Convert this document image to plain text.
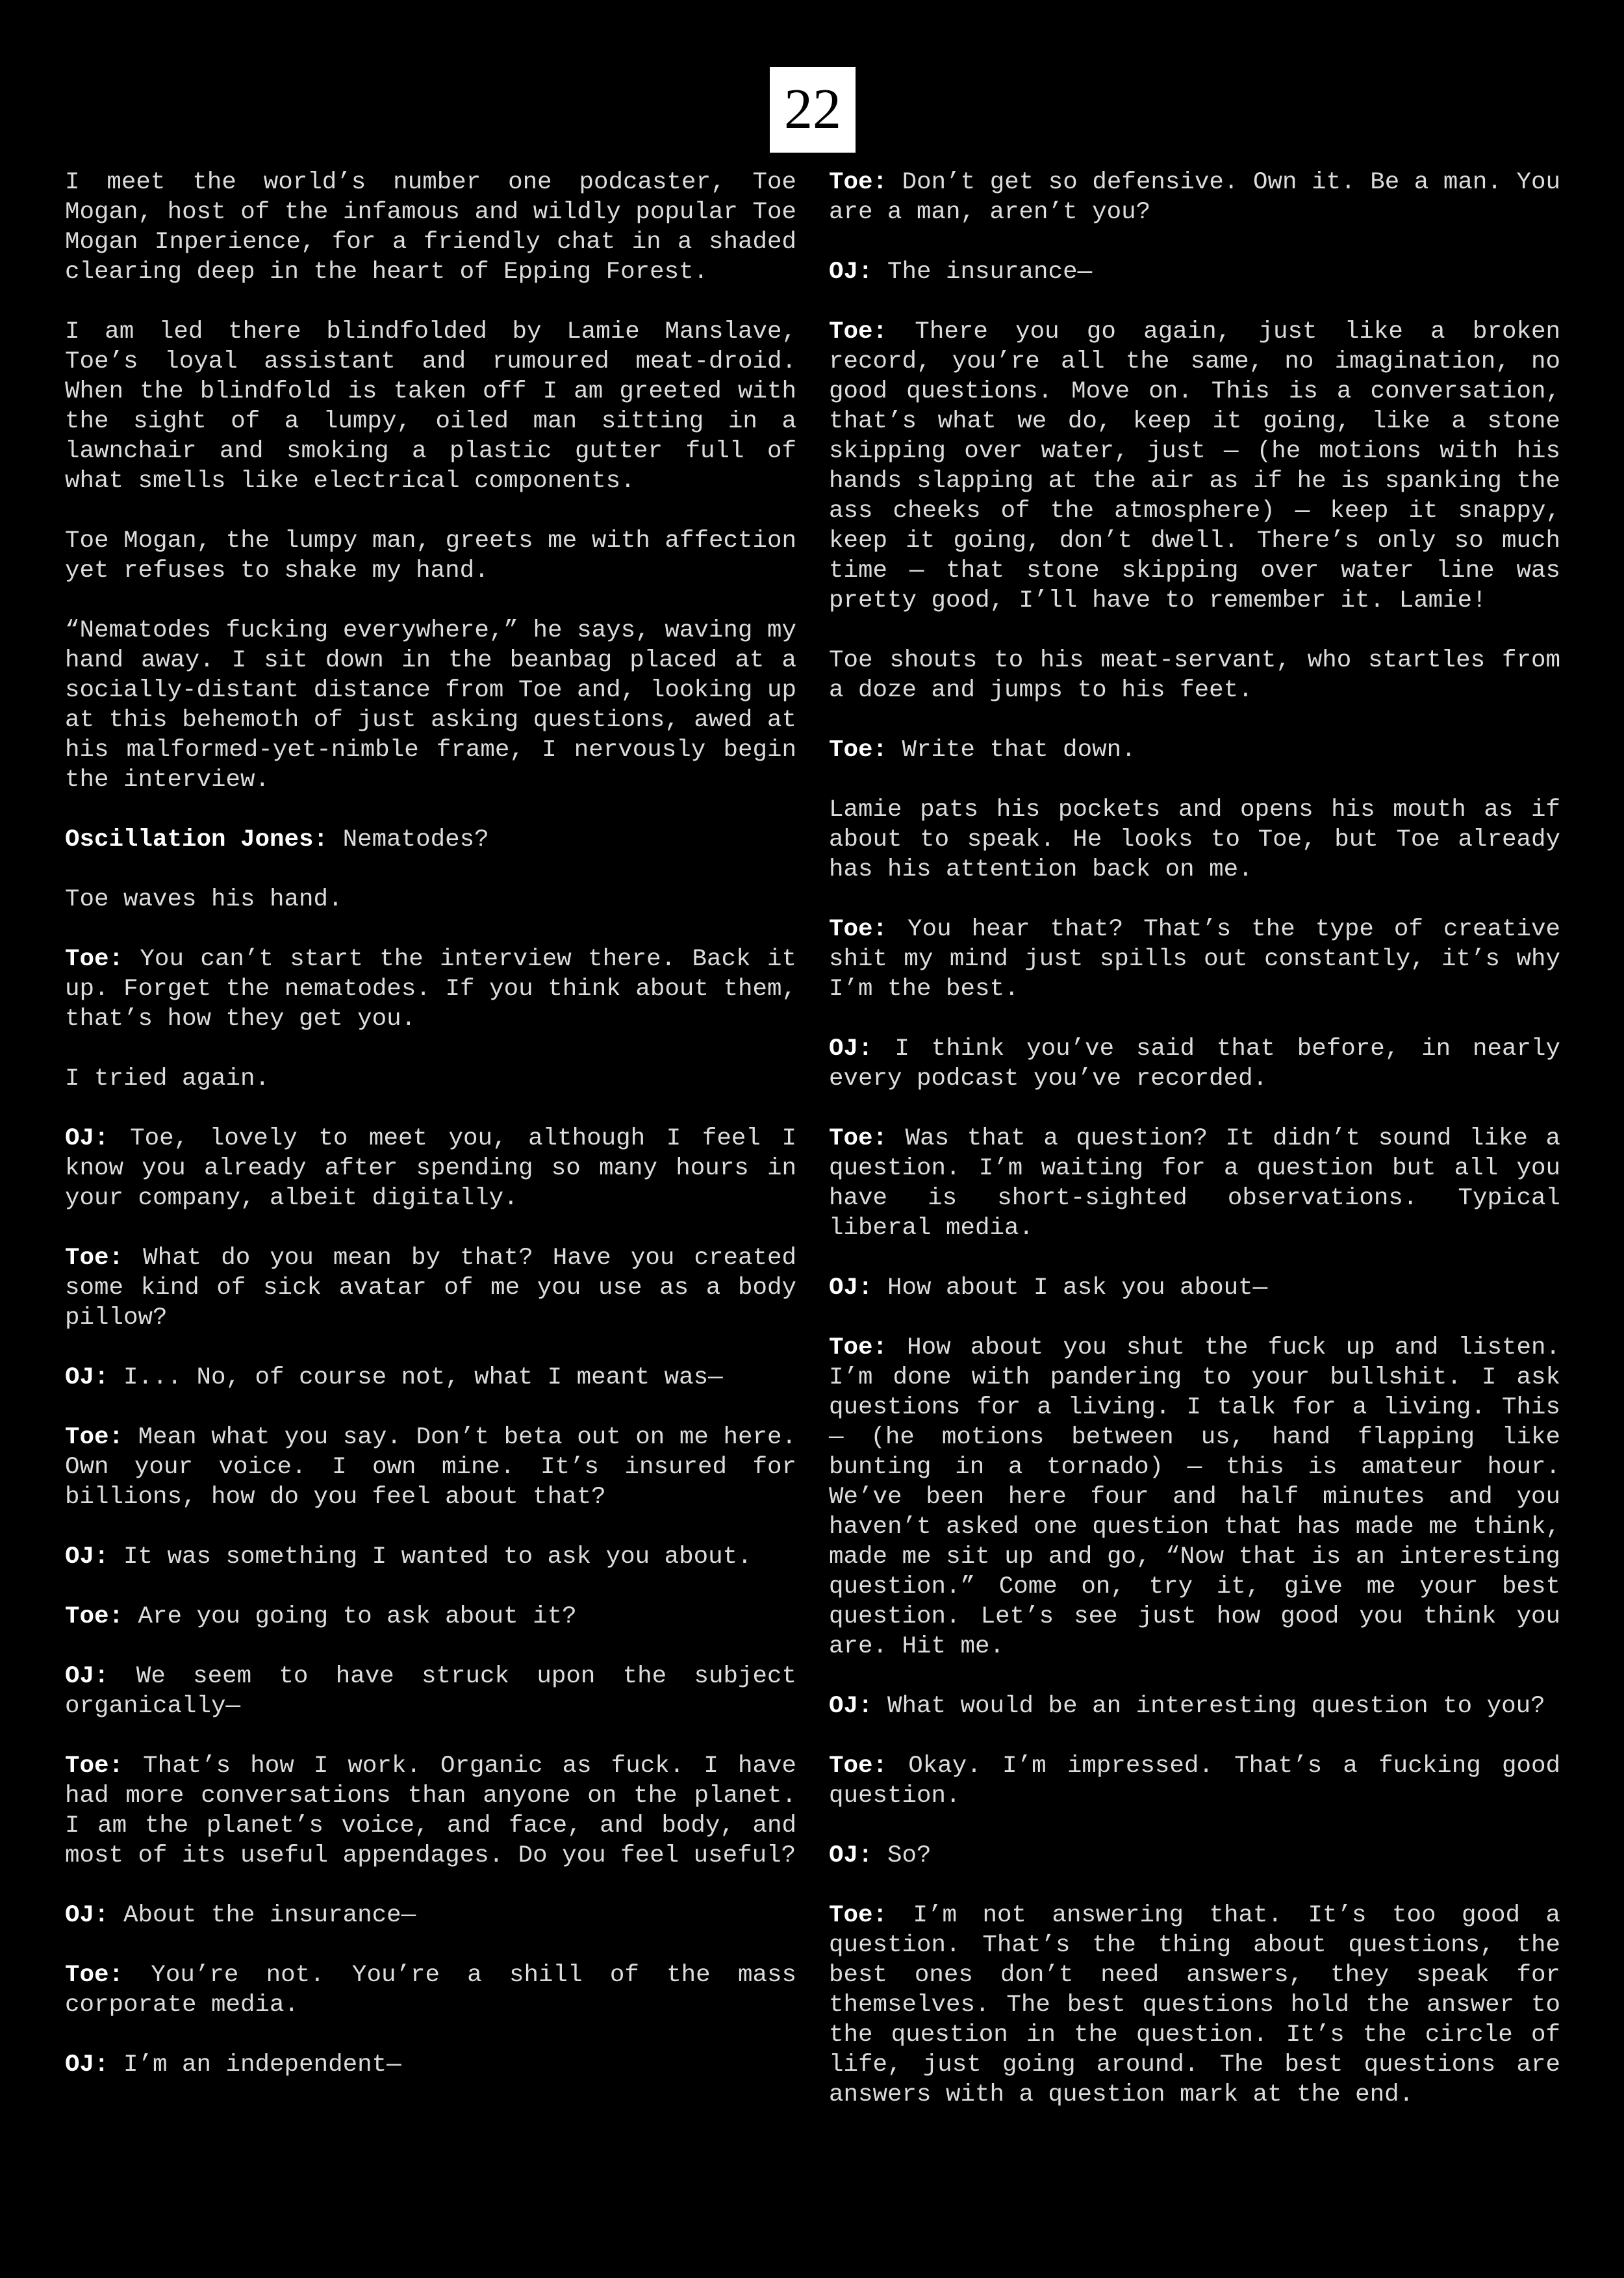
22

I meet the world’s number one podcaster, Toe Mogan, host of the infamous and wildly popular Toe Mogan Inperience, for a friendly chat in a shaded clearing deep in the heart of Epping Forest.

I am led there blindfolded by Lamie Manslave, Toe’s loyal assistant and rumoured meat-droid. When the blindfold is taken off I am greeted with the sight of a lumpy, oiled man sitting in a lawnchair and smoking a plastic gutter full of what smells like electrical components.

Toe Mogan, the lumpy man, greets me with affection yet refuses to shake my hand.

“Nematodes fucking everywhere,” he says, waving my hand away. I sit down in the beanbag placed at a socially-distant distance from Toe and, looking up at this behemoth of just asking questions, awed at his malformed-yet-nimble frame, I nervously begin the interview.

Oscillation Jones: Nematodes?

Toe waves his hand.

Toe: You can’t start the interview there. Back it up. Forget the nematodes. If you think about them, that’s how they get you.

I tried again.

OJ: Toe, lovely to meet you, although I feel I know you already after spending so many hours in your company, albeit digitally.

Toe: What do you mean by that? Have you created some kind of sick avatar of me you use as a body pillow?

OJ: I... No, of course not, what I meant was—

Toe: Mean what you say. Don’t beta out on me here. Own your voice. I own mine. It’s insured for billions, how do you feel about that?

OJ: It was something I wanted to ask you about.

Toe: Are you going to ask about it?

OJ: We seem to have struck upon the subject organically—

Toe: That’s how I work. Organic as fuck. I have had more conversations than anyone on the planet. I am the planet’s voice, and face, and body, and most of its useful appendages. Do you feel useful?

OJ: About the insurance—

Toe: You’re not. You’re a shill of the mass corporate media.

OJ: I’m an independent—

Toe: Don’t get so defensive. Own it. Be a man. You are a man, aren’t you?

OJ: The insurance—

Toe: There you go again, just like a broken record, you’re all the same, no imagination, no good questions. Move on. This is a conversation, that’s what we do, keep it going, like a stone skipping over water, just — (he motions with his hands slapping at the air as if he is spanking the ass cheeks of the atmosphere) — keep it snappy, keep it going, don’t dwell. There’s only so much time — that stone skipping over water line was pretty good, I’ll have to remember it. Lamie!

Toe shouts to his meat-servant, who startles from a doze and jumps to his feet.

Toe: Write that down.

Lamie pats his pockets and opens his mouth as if about to speak. He looks to Toe, but Toe already has his attention back on me.

Toe: You hear that? That’s the type of creative shit my mind just spills out constantly, it’s why I’m the best.

OJ: I think you’ve said that before, in nearly every podcast you’ve recorded.

Toe: Was that a question? It didn’t sound like a question. I’m waiting for a question but all you have is short-sighted observations. Typical liberal media.

OJ: How about I ask you about—

Toe: How about you shut the fuck up and listen. I’m done with pandering to your bullshit. I ask questions for a living. I talk for a living. This — (he motions between us, hand flapping like bunting in a tornado) — this is amateur hour. We’ve been here four and half minutes and you haven’t asked one question that has made me think, made me sit up and go, “Now that is an interesting question.” Come on, try it, give me your best question. Let’s see just how good you think you are. Hit me.

OJ: What would be an interesting question to you?

Toe: Okay. I’m impressed. That’s a fucking good question.

OJ: So?

Toe: I’m not answering that. It’s too good a question. That’s the thing about questions, the best ones don’t need answers, they speak for themselves. The best questions hold the answer to the question in the question. It’s the circle of life, just going around. The best questions are answers with a question mark at the end.
